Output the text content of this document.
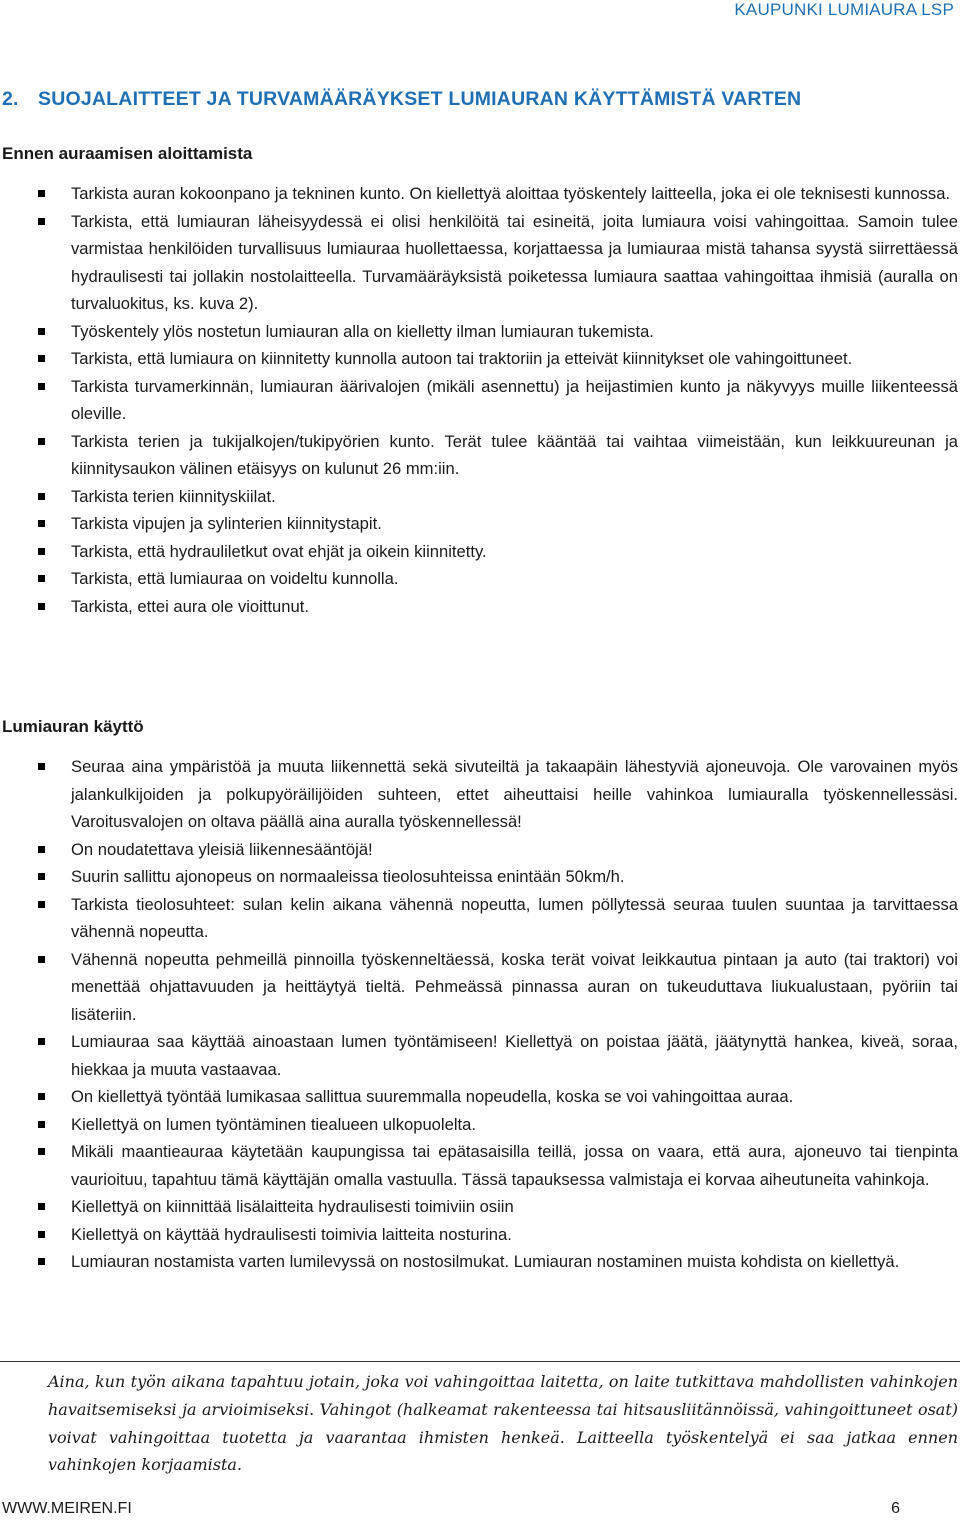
KAUPUNKI LUMIAURA LSP
2. SUOJALAITTEET JA TURVAMÄÄRÄYKSET LUMIAURAN KÄYTTÄMISTÄ VARTEN
Ennen auraamisen aloittamista
Tarkista auran kokoonpano ja tekninen kunto. On kiellettyä aloittaa työskentely laitteella, joka ei ole teknisesti kunnossa.
Tarkista, että lumiauran läheisyydessä ei olisi henkilöitä tai esineitä, joita lumiaura voisi vahingoittaa. Samoin tulee varmistaa henkilöiden turvallisuus lumiauraa huollettaessa, korjattaessa ja lumiauraa mistä tahansa syystä siirrettäessä hydraulisesti tai jollakin nostolaitteella. Turvamääräyksistä poiketessa lumiaura saattaa vahingoittaa ihmisiä (auralla on turvaluokitus, ks. kuva 2).
Työskentely ylös nostetun lumiauran alla on kielletty ilman lumiauran tukemista.
Tarkista, että lumiaura on kiinnitetty kunnolla autoon tai traktoriin ja etteivät kiinnitykset ole vahingoittuneet.
Tarkista turvamerkinnän, lumiauran äärivalojen (mikäli asennettu) ja heijastimien kunto ja näkyvyys muille liikenteessä oleville.
Tarkista terien ja tukijalkojen/tukipyörien kunto. Terät tulee kääntää tai vaihtaa viimeistään, kun leikkuureunan ja kiinnitysaukon välinen etäisyys on kulunut 26 mm:iin.
Tarkista terien kiinnityskiilat.
Tarkista vipujen ja sylinterien kiinnitystapit.
Tarkista, että hydrauliletkut ovat ehjät ja oikein kiinnitetty.
Tarkista, että lumiauraa on voideltu kunnolla.
Tarkista, ettei aura ole vioittunut.
Lumiauran käyttö
Seuraa aina ympäristöä ja muuta liikennettä sekä sivuteiltä ja takaapäin lähestyviä ajoneuvoja. Ole varovainen myös jalankulkijoiden ja polkupyöräilijöiden suhteen, ettet aiheuttaisi heille vahinkoa lumiauralla työskennellessäsi. Varoitusvalojen on oltava päällä aina auralla työskennellessä!
On noudatettava yleisiä liikennesääntöjä!
Suurin sallittu ajonopeus on normaaleissa tieolosuhteissa enintään 50km/h.
Tarkista tieolosuhteet: sulan kelin aikana vähennä nopeutta, lumen pöllytessä seuraa tuulen suuntaa ja tarvittaessa vähennä nopeutta.
Vähennä nopeutta pehmeillä pinnoilla työskenneltäessä, koska terät voivat leikkautua pintaan ja auto (tai traktori) voi menettää ohjattavuuden ja heittäytyä tieltä. Pehmeässä pinnassa auran on tukeuduttava liukualustaan, pyöriin tai lisäteriin.
Lumiauraa saa käyttää ainoastaan lumen työntämiseen! Kiellettyä on poistaa jäätä, jäätynyttä hankea, kiveä, soraa, hiekkaa ja muuta vastaavaa.
On kiellettyä työntää lumikasaa sallittua suuremmalla nopeudella, koska se voi vahingoittaa auraa.
Kiellettyä on lumen työntäminen tiealueen ulkopuolelta.
Mikäli maantieauraa käytetään kaupungissa tai epätasaisilla teillä, jossa on vaara, että aura, ajoneuvo tai tienpinta vaurioituu, tapahtuu tämä käyttäjän omalla vastuulla. Tässä tapauksessa valmistaja ei korvaa aiheutuneita vahinkoja.
Kiellettyä on kiinnittää lisälaitteita hydraulisesti toimiviin osiin
Kiellettyä on käyttää hydraulisesti toimivia laitteita nosturina.
Lumiauran nostamista varten lumilevyssä on nostosilmukat. Lumiauran nostaminen muista kohdista on kiellettyä.
Aina, kun työn aikana tapahtuu jotain, joka voi vahingoittaa laitetta, on laite tutkittava mahdollisten vahinkojen havaitsemiseksi ja arvioimiseksi. Vahingot (halkeamat rakenteessa tai hitsausliitännöissä, vahingoittuneet osat) voivat vahingoittaa tuotetta ja vaarantaa ihmisten henkeä. Laitteella työskentelyä ei saa jatkaa ennen vahinkojen korjaamista.
WWW.MEIREN.FI	6
